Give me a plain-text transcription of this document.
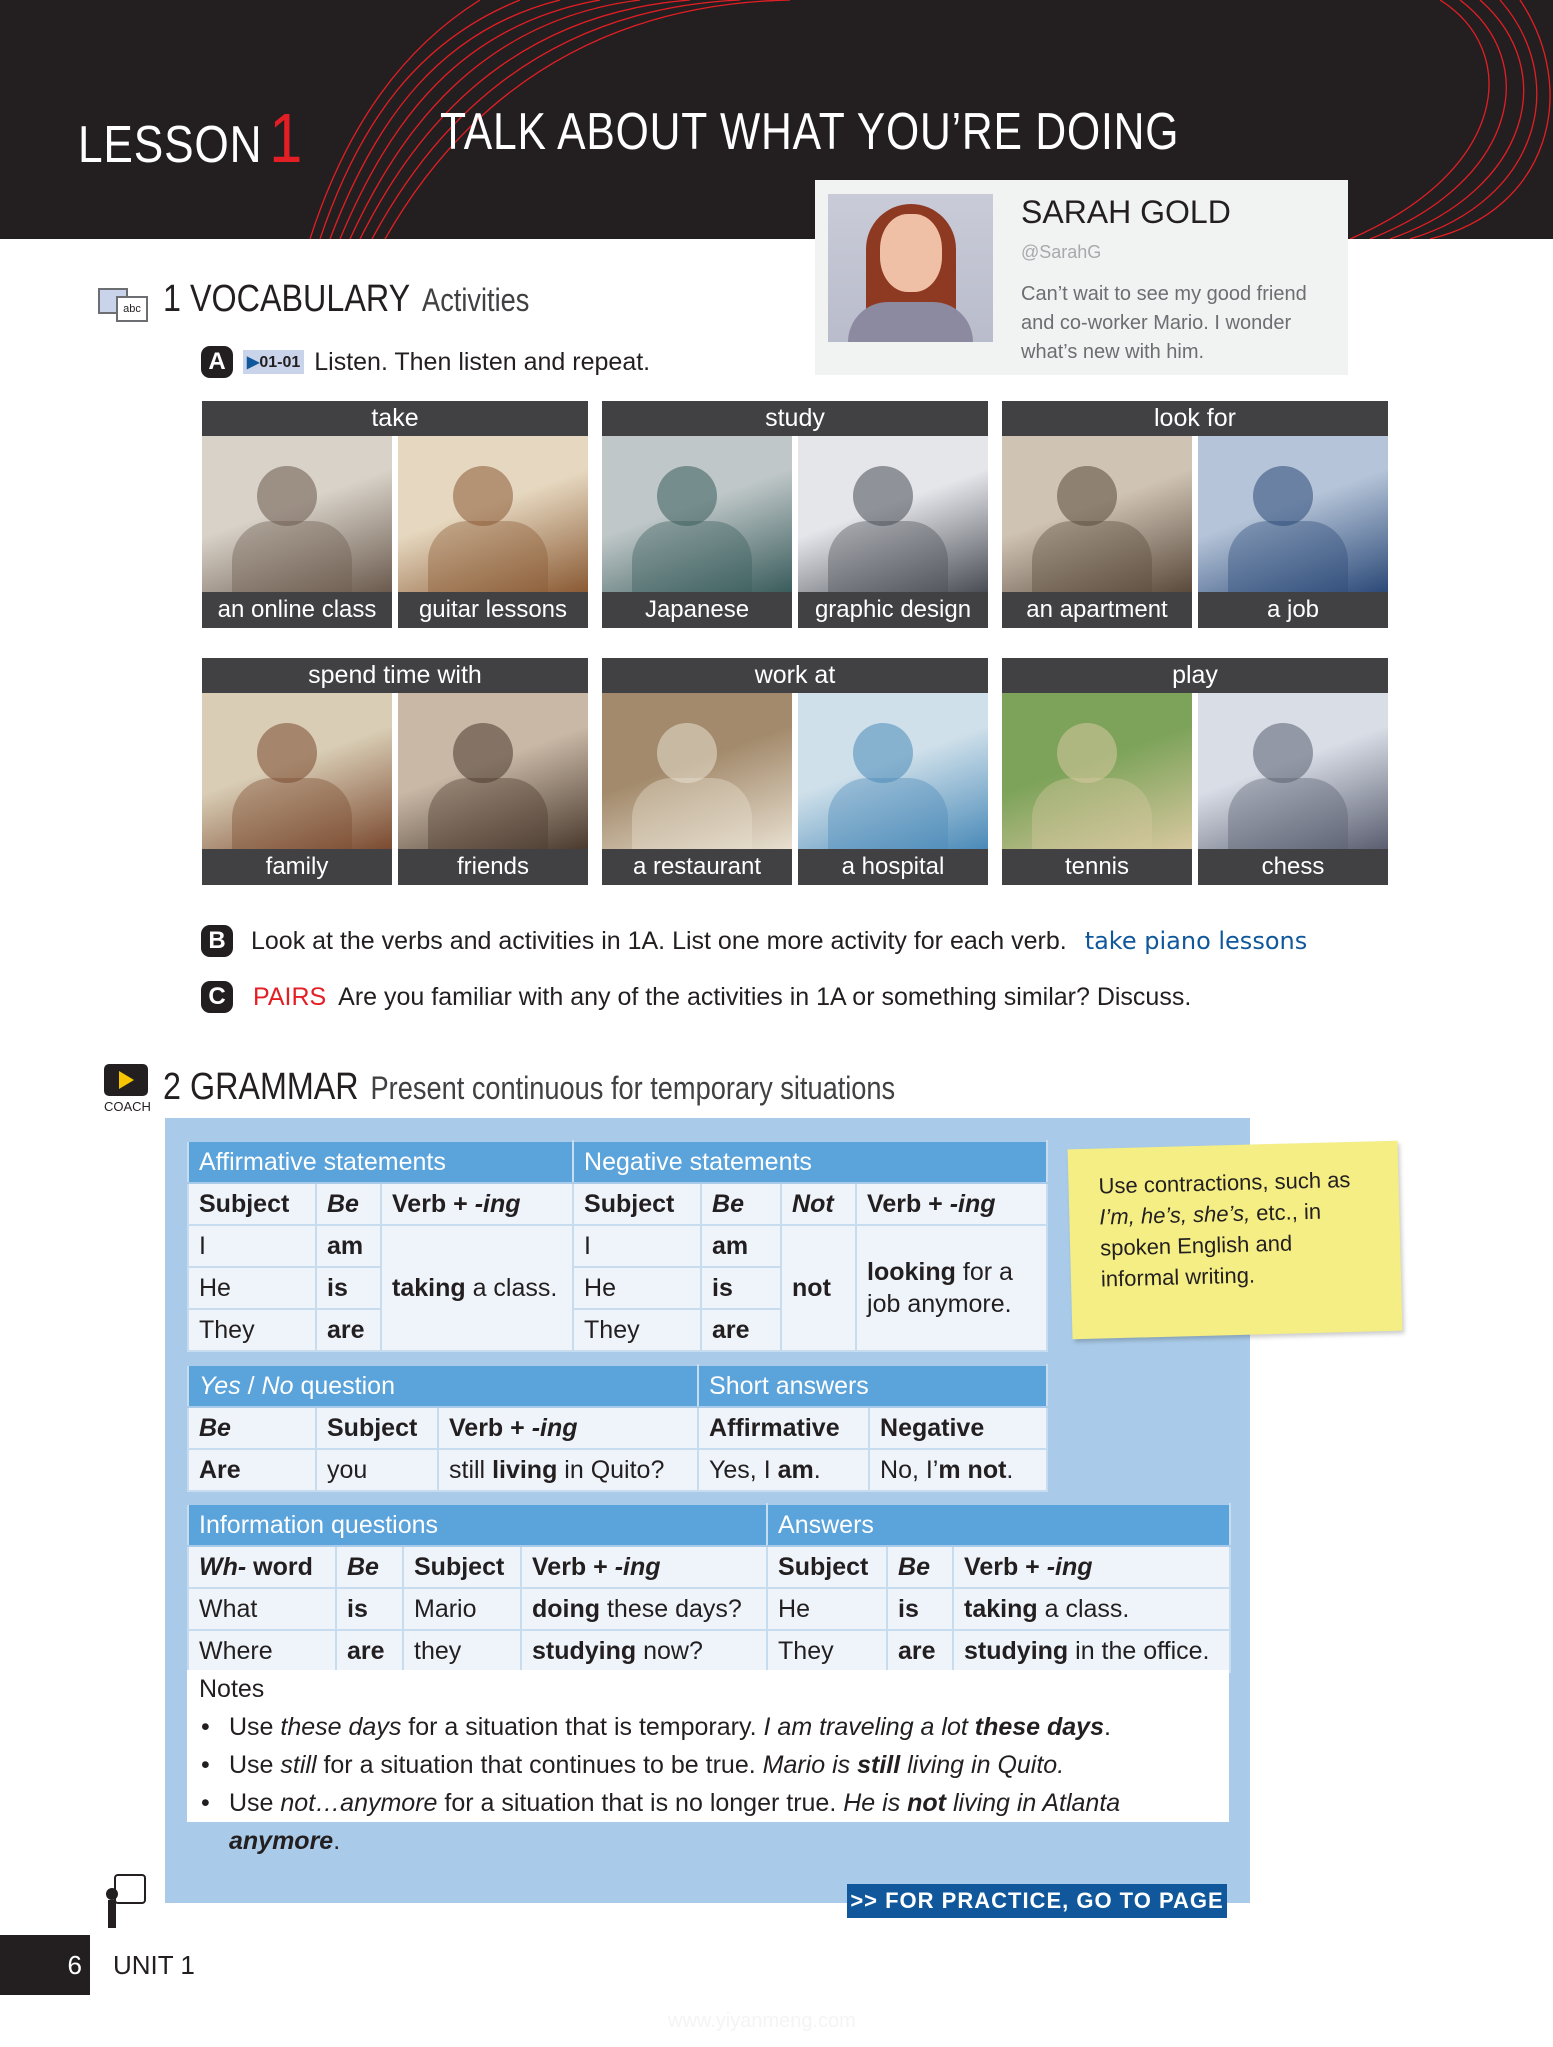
LESSON1	TALK ABOUT WHAT YOU’RE DOING
SARAH GOLD
@SarahG
Can’t wait to see my good friend and co-worker Mario. I wonder what’s new with him.
abc 1 VOCABULARY Activities
A	▶01-01 Listen. Then listen and repeat.
take
an online class	guitar lessons
study
Japanese	graphic design
look for
an apartment	a job
spend time with
family	friends
work at
a restaurant	a hospital
play
tennis	chess
B Look at the verbs and activities in 1A. List one more activity for each verb. take piano lessons
C PAIRS Are you familiar with any of the activities in 1A or something similar? Discuss.
COACH 2 GRAMMAR Present continuous for temporary situations
Affirmative statements			Negative statements			
Subject	Be	Verb + -ing	Subject	Be	Not	Verb + -ing
I	am	taking a class.	I	am	not	looking for a job anymore.
He	is		He	is		
They	are		They	are		
Yes / No question			Short answers	
Be	Subject	Verb + -ing	Affirmative	Negative
Are	you	still living in Quito?	Yes, I am.	No, I’m not.
Information questions				Answers		
Wh- word	Be	Subject	Verb + -ing	Subject	Be	Verb + -ing
What	is	Mario	doing these days?	He	is	taking a class.
Where	are	they	studying now?	They	are	studying in the office.
Notes
• Use these days for a situation that is temporary. I am traveling a lot these days.
• Use still for a situation that continues to be true. Mario is still living in Quito.
• Use not…anymore for a situation that is no longer true. He is not living in Atlanta anymore.
Use contractions, such as I’m, he’s, she’s, etc., in spoken English and informal writing.
>> FOR PRACTICE, GO TO PAGE 125
6	UNIT 1
www.yiyanmeng.com
